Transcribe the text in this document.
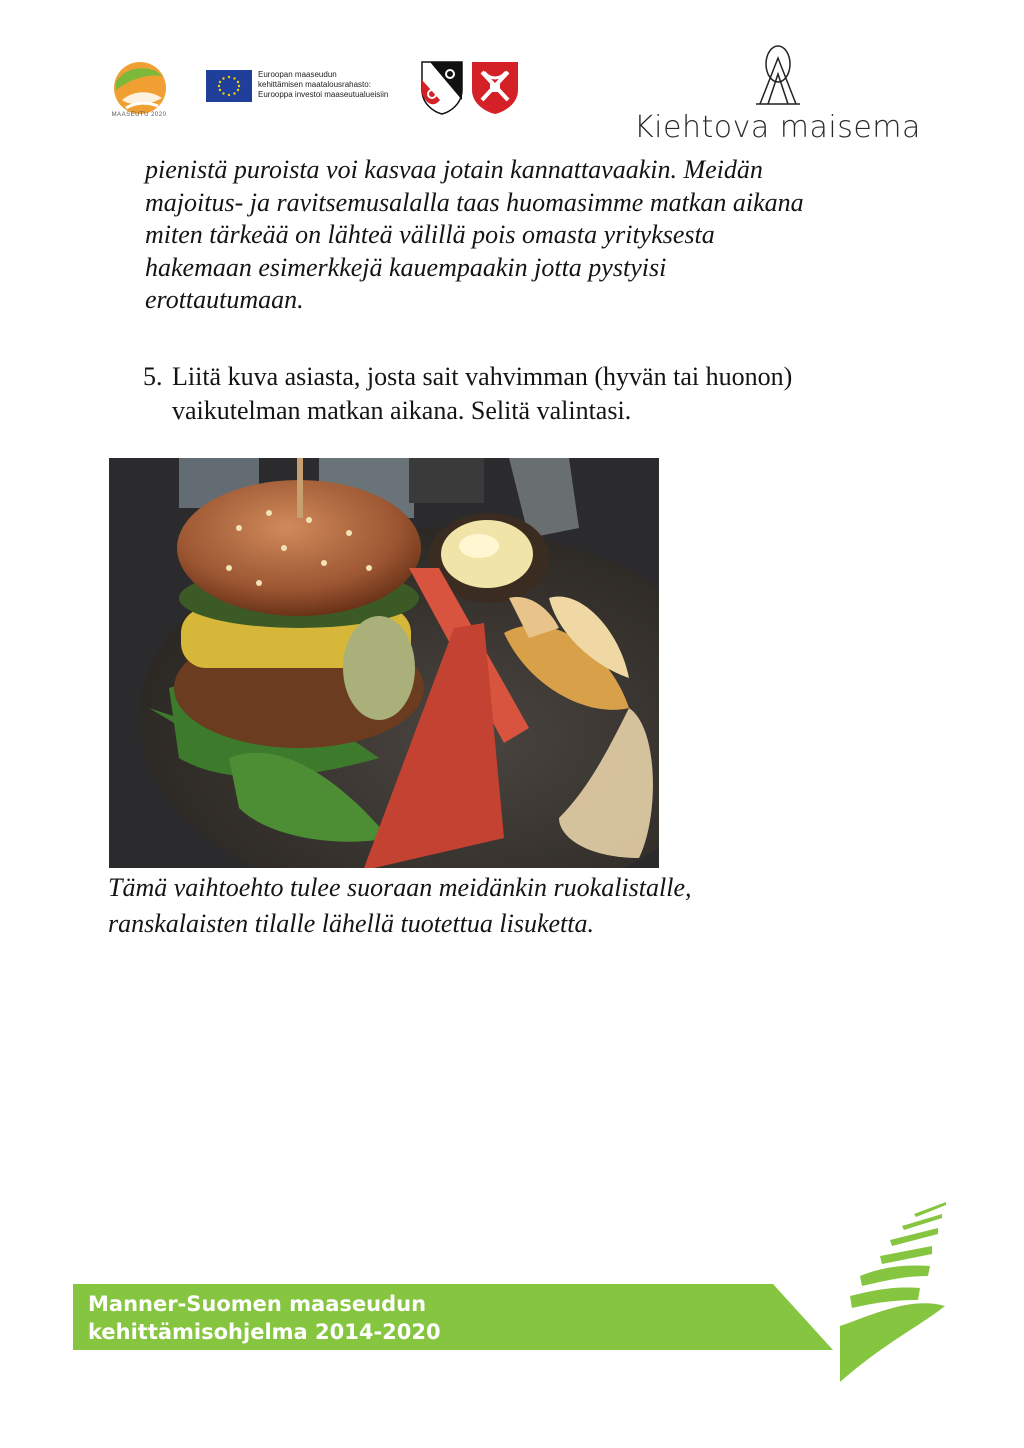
MAASEUTU 2020
Euroopan maaseudun
kehittämisen maatalousrahasto:
Eurooppa investoi maaseutualueisiin
Kiehtova maisema
pienistä puroista voi kasvaa jotain kannattavaakin. Meidän
majoitus- ja ravitsemusalalla taas huomasimme matkan aikana
miten tärkeää on lähteä välillä pois omasta yrityksesta
hakemaan esimerkkejä kauempaakin jotta pystyisi
erottautumaan.
5. Liitä kuva asiasta, josta sait vahvimman (hyvän tai huonon)
vaikutelman matkan aikana. Selitä valintasi.
Tämä vaihtoehto tulee suoraan meidänkin ruokalistalle,
ranskalaisten tilalle lähellä tuotettua lisuketta.
Manner-Suomen maaseudun
kehittämisohjelma 2014-2020
